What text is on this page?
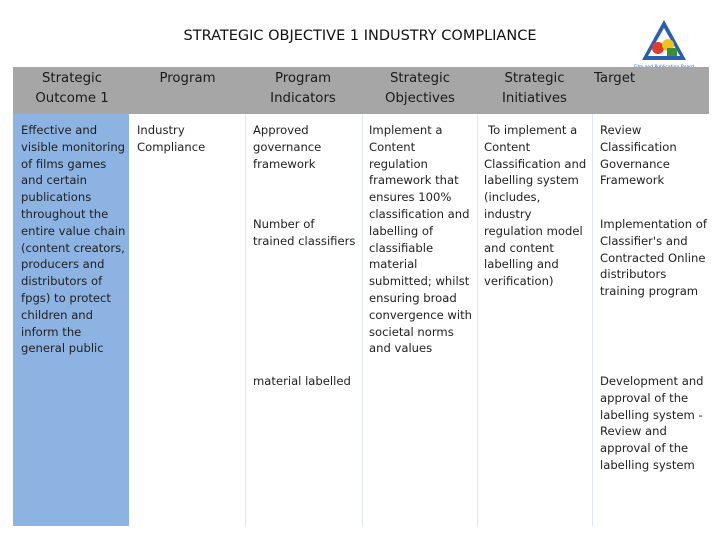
STRATEGIC OBJECTIVE 1 INDUSTRY COMPLIANCE
Strategic Outcome 1
Program	Program Indicators
Strategic Objectives
Strategic Initiatives
Target
Effective and visible monitoring of films games and certain publications throughout the entire value chain (content creators, producers and distributors of fpgs) to protect children and inform the general public
Industry Compliance
Approved governance framework
Number of trained classifiers
material labelled
Implement a Content regulation framework that ensures 100% classification and labelling of classifiable material submitted; whilst ensuring broad convergence with societal norms and values
To implement a Content Classification and labelling system (includes, industry regulation model and content labelling and verification)
Review Classification Governance Framework
Implementation of Classifier's and Contracted Online distributors training program
Development and approval of the labelling system - Review and approval of the labelling system
